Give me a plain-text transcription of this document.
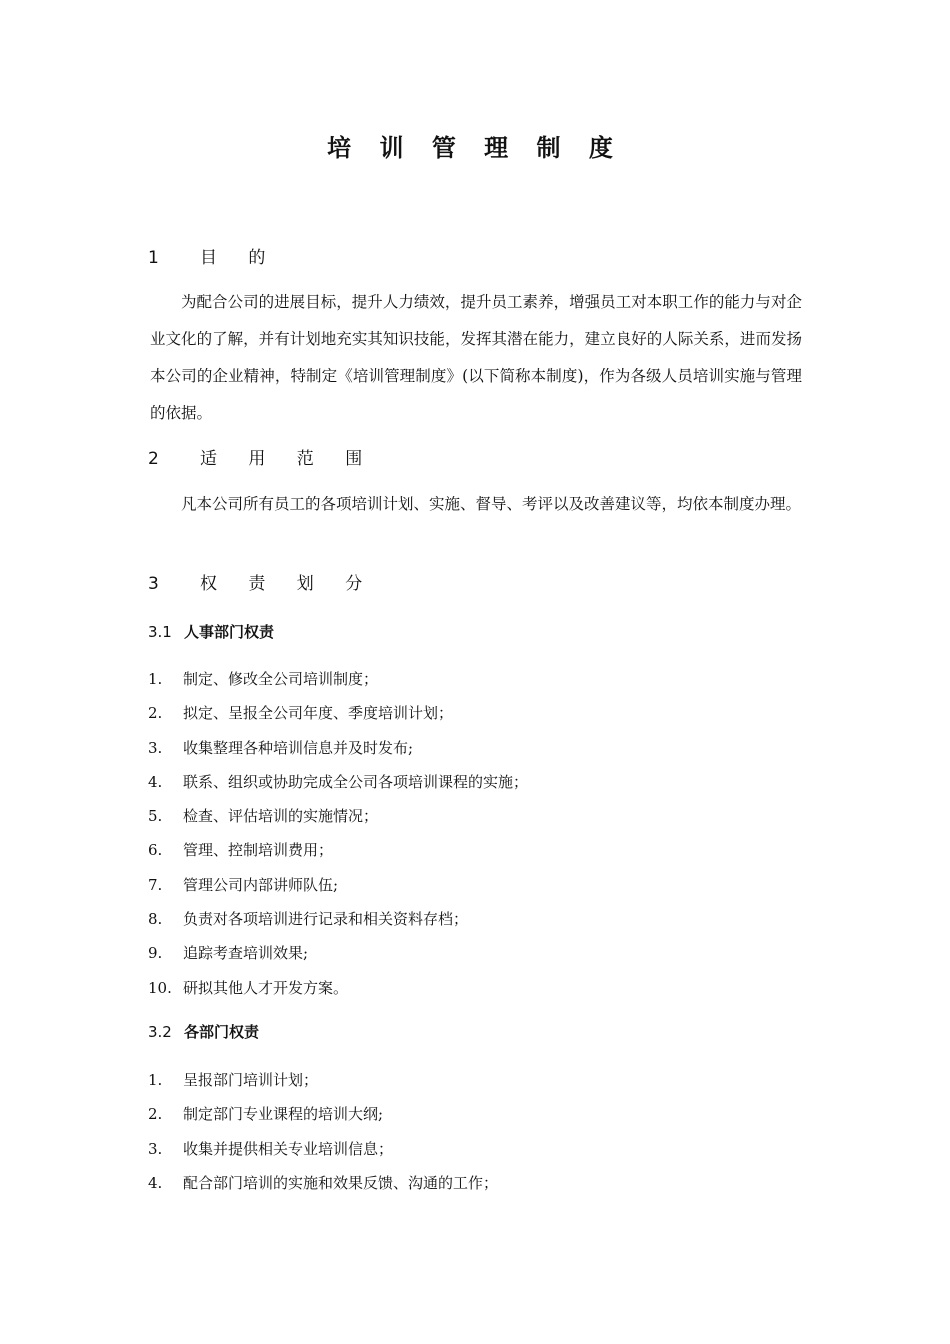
培 训 管 理 制 度
1 目 的
为配合公司的进展目标，提升人力绩效，提升员工素养，增强员工对本职工作的能力与对企业文化的了解，并有计划地充实其知识技能，发挥其潜在能力，建立良好的人际关系，进而发扬本公司的企业精神，特制定《培训管理制度》(以下简称本制度)，作为各级人员培训实施与管理的依据。
2 适 用 范 围
凡本公司所有员工的各项培训计划、实施、督导、考评以及改善建议等，均依本制度办理。
3 权 责 划 分
3.1 人事部门权责
1. 制定、修改全公司培训制度；
2. 拟定、呈报全公司年度、季度培训计划；
3. 收集整理各种培训信息并及时发布;
4. 联系、组织或协助完成全公司各项培训课程的实施；
5. 检查、评估培训的实施情况；
6. 管理、控制培训费用；
7. 管理公司内部讲师队伍;
8. 负责对各项培训进行记录和相关资料存档；
9. 追踪考查培训效果;
10. 研拟其他人才开发方案。
3.2 各部门权责
1. 呈报部门培训计划；
2. 制定部门专业课程的培训大纲;
3. 收集并提供相关专业培训信息；
4. 配合部门培训的实施和效果反馈、沟通的工作；
